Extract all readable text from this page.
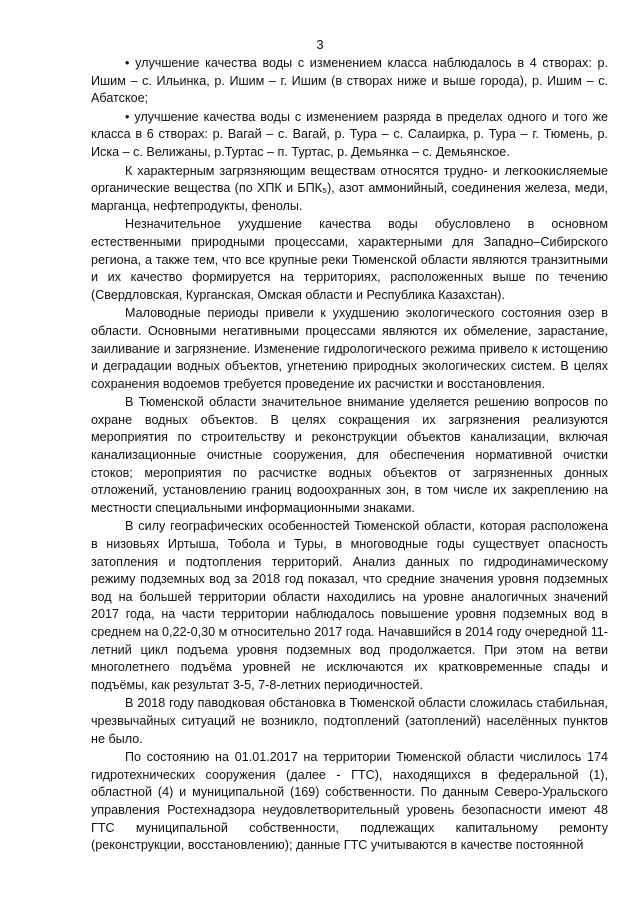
3

• улучшение качества воды с изменением класса наблюдалось в 4 створах: р. Ишим – с. Ильинка, р. Ишим – г. Ишим (в створах ниже и выше города), р. Ишим – с. Абатское;

• улучшение качества воды с изменением разряда в пределах одного и того же класса в 6 створах: р. Вагай – с. Вагай, р. Тура – с. Салаирка, р. Тура – г. Тюмень, р. Иска – с. Велижаны, р.Туртас – п. Туртас, р. Демьянка – с. Демьянское.

К характерным загрязняющим веществам относятся трудно- и легкоокисляемые органические вещества (по ХПК и БПК₅), азот аммонийный, соединения железа, меди, марганца, нефтепродукты, фенолы.

Незначительное ухудшение качества воды обусловлено в основном естественными природными процессами, характерными для Западно–Сибирского региона, а также тем, что все крупные реки Тюменской области являются транзитными и их качество формируется на территориях, расположенных выше по течению (Свердловская, Курганская, Омская области и Республика Казахстан).

Маловодные периоды привели к ухудшению экологического состояния озер в области. Основными негативными процессами являются их обмеление, зарастание, заиливание и загрязнение. Изменение гидрологического режима привело к истощению и деградации водных объектов, угнетению природных экологических систем. В целях сохранения водоемов требуется проведение их расчистки и восстановления.

В Тюменской области значительное внимание уделяется решению вопросов по охране водных объектов. В целях сокращения их загрязнения реализуются мероприятия по строительству и реконструкции объектов канализации, включая канализационные очистные сооружения, для обеспечения нормативной очистки стоков; мероприятия по расчистке водных объектов от загрязненных донных отложений, установлению границ водоохранных зон, в том числе их закреплению на местности специальными информационными знаками.

В силу географических особенностей Тюменской области, которая расположена в низовьях Иртыша, Тобола и Туры, в многоводные годы существует опасность затопления и подтопления территорий. Анализ данных по гидродинамическому режиму подземных вод за 2018 год показал, что средние значения уровня подземных вод на большей территории области находились на уровне аналогичных значений 2017 года, на части территории наблюдалось повышение уровня подземных вод в среднем на 0,22-0,30 м относительно 2017 года. Начавшийся в 2014 году очередной 11-летний цикл подъема уровня подземных вод продолжается. При этом на ветви многолетнего подъёма уровней не исключаются их кратковременные спады и подъёмы, как результат 3-5, 7-8-летних периодичностей.

В 2018 году паводковая обстановка в Тюменской области сложилась стабильная, чрезвычайных ситуаций не возникло, подтоплений (затоплений) населённых пунктов не было.

По состоянию на 01.01.2017 на территории Тюменской области числилось 174 гидротехнических сооружения (далее - ГТС), находящихся в федеральной (1), областной (4) и муниципальной (169) собственности. По данным Северо-Уральского управления Ростехнадзора неудовлетворительный уровень безопасности имеют 48 ГТС муниципальной собственности, подлежащих капитальному ремонту (реконструкции, восстановлению); данные ГТС учитываются в качестве постоянной
